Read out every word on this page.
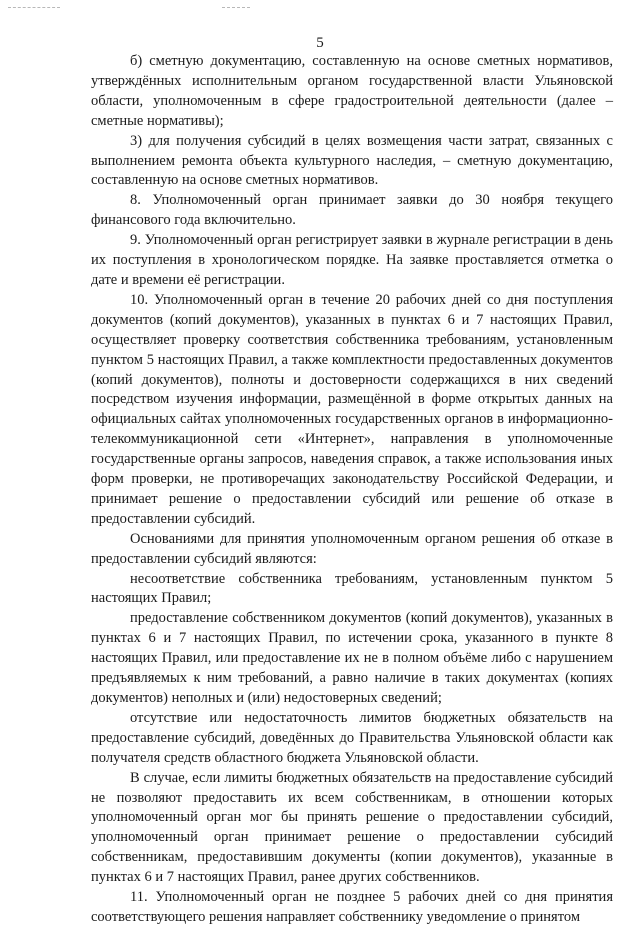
5

б) сметную документацию, составленную на основе сметных нормативов, утверждённых исполнительным органом государственной власти Ульяновской области, уполномоченным в сфере градостроительной деятельности (далее – сметные нормативы);

3) для получения субсидий в целях возмещения части затрат, связанных с выполнением ремонта объекта культурного наследия, – сметную документацию, составленную на основе сметных нормативов.

8. Уполномоченный орган принимает заявки до 30 ноября текущего финансового года включительно.

9. Уполномоченный орган регистрирует заявки в журнале регистрации в день их поступления в хронологическом порядке. На заявке проставляется отметка о дате и времени её регистрации.

10. Уполномоченный орган в течение 20 рабочих дней со дня поступления документов (копий документов), указанных в пунктах 6 и 7 настоящих Правил, осуществляет проверку соответствия собственника требованиям, установленным пунктом 5 настоящих Правил, а также комплектности предоставленных документов (копий документов), полноты и достоверности содержащихся в них сведений посредством изучения информации, размещённой в форме открытых данных на официальных сайтах уполномоченных государственных органов в информационно-телекоммуникационной сети «Интернет», направления в уполномоченные государственные органы запросов, наведения справок, а также использования иных форм проверки, не противоречащих законодательству Российской Федерации, и принимает решение о предоставлении субсидий или решение об отказе в предоставлении субсидий.

Основаниями для принятия уполномоченным органом решения об отказе в предоставлении субсидий являются:

несоответствие собственника требованиям, установленным пунктом 5 настоящих Правил;

предоставление собственником документов (копий документов), указанных в пунктах 6 и 7 настоящих Правил, по истечении срока, указанного в пункте 8 настоящих Правил, или предоставление их не в полном объёме либо с нарушением предъявляемых к ним требований, а равно наличие в таких документах (копиях документов) неполных и (или) недостоверных сведений;

отсутствие или недостаточность лимитов бюджетных обязательств на предоставление субсидий, доведённых до Правительства Ульяновской области как получателя средств областного бюджета Ульяновской области.

В случае, если лимиты бюджетных обязательств на предоставление субсидий не позволяют предоставить их всем собственникам, в отношении которых уполномоченный орган мог бы принять решение о предоставлении субсидий, уполномоченный орган принимает решение о предоставлении субсидий собственникам, предоставившим документы (копии документов), указанные в пунктах 6 и 7 настоящих Правил, ранее других собственников.

11. Уполномоченный орган не позднее 5 рабочих дней со дня принятия соответствующего решения направляет собственнику уведомление о принятом
